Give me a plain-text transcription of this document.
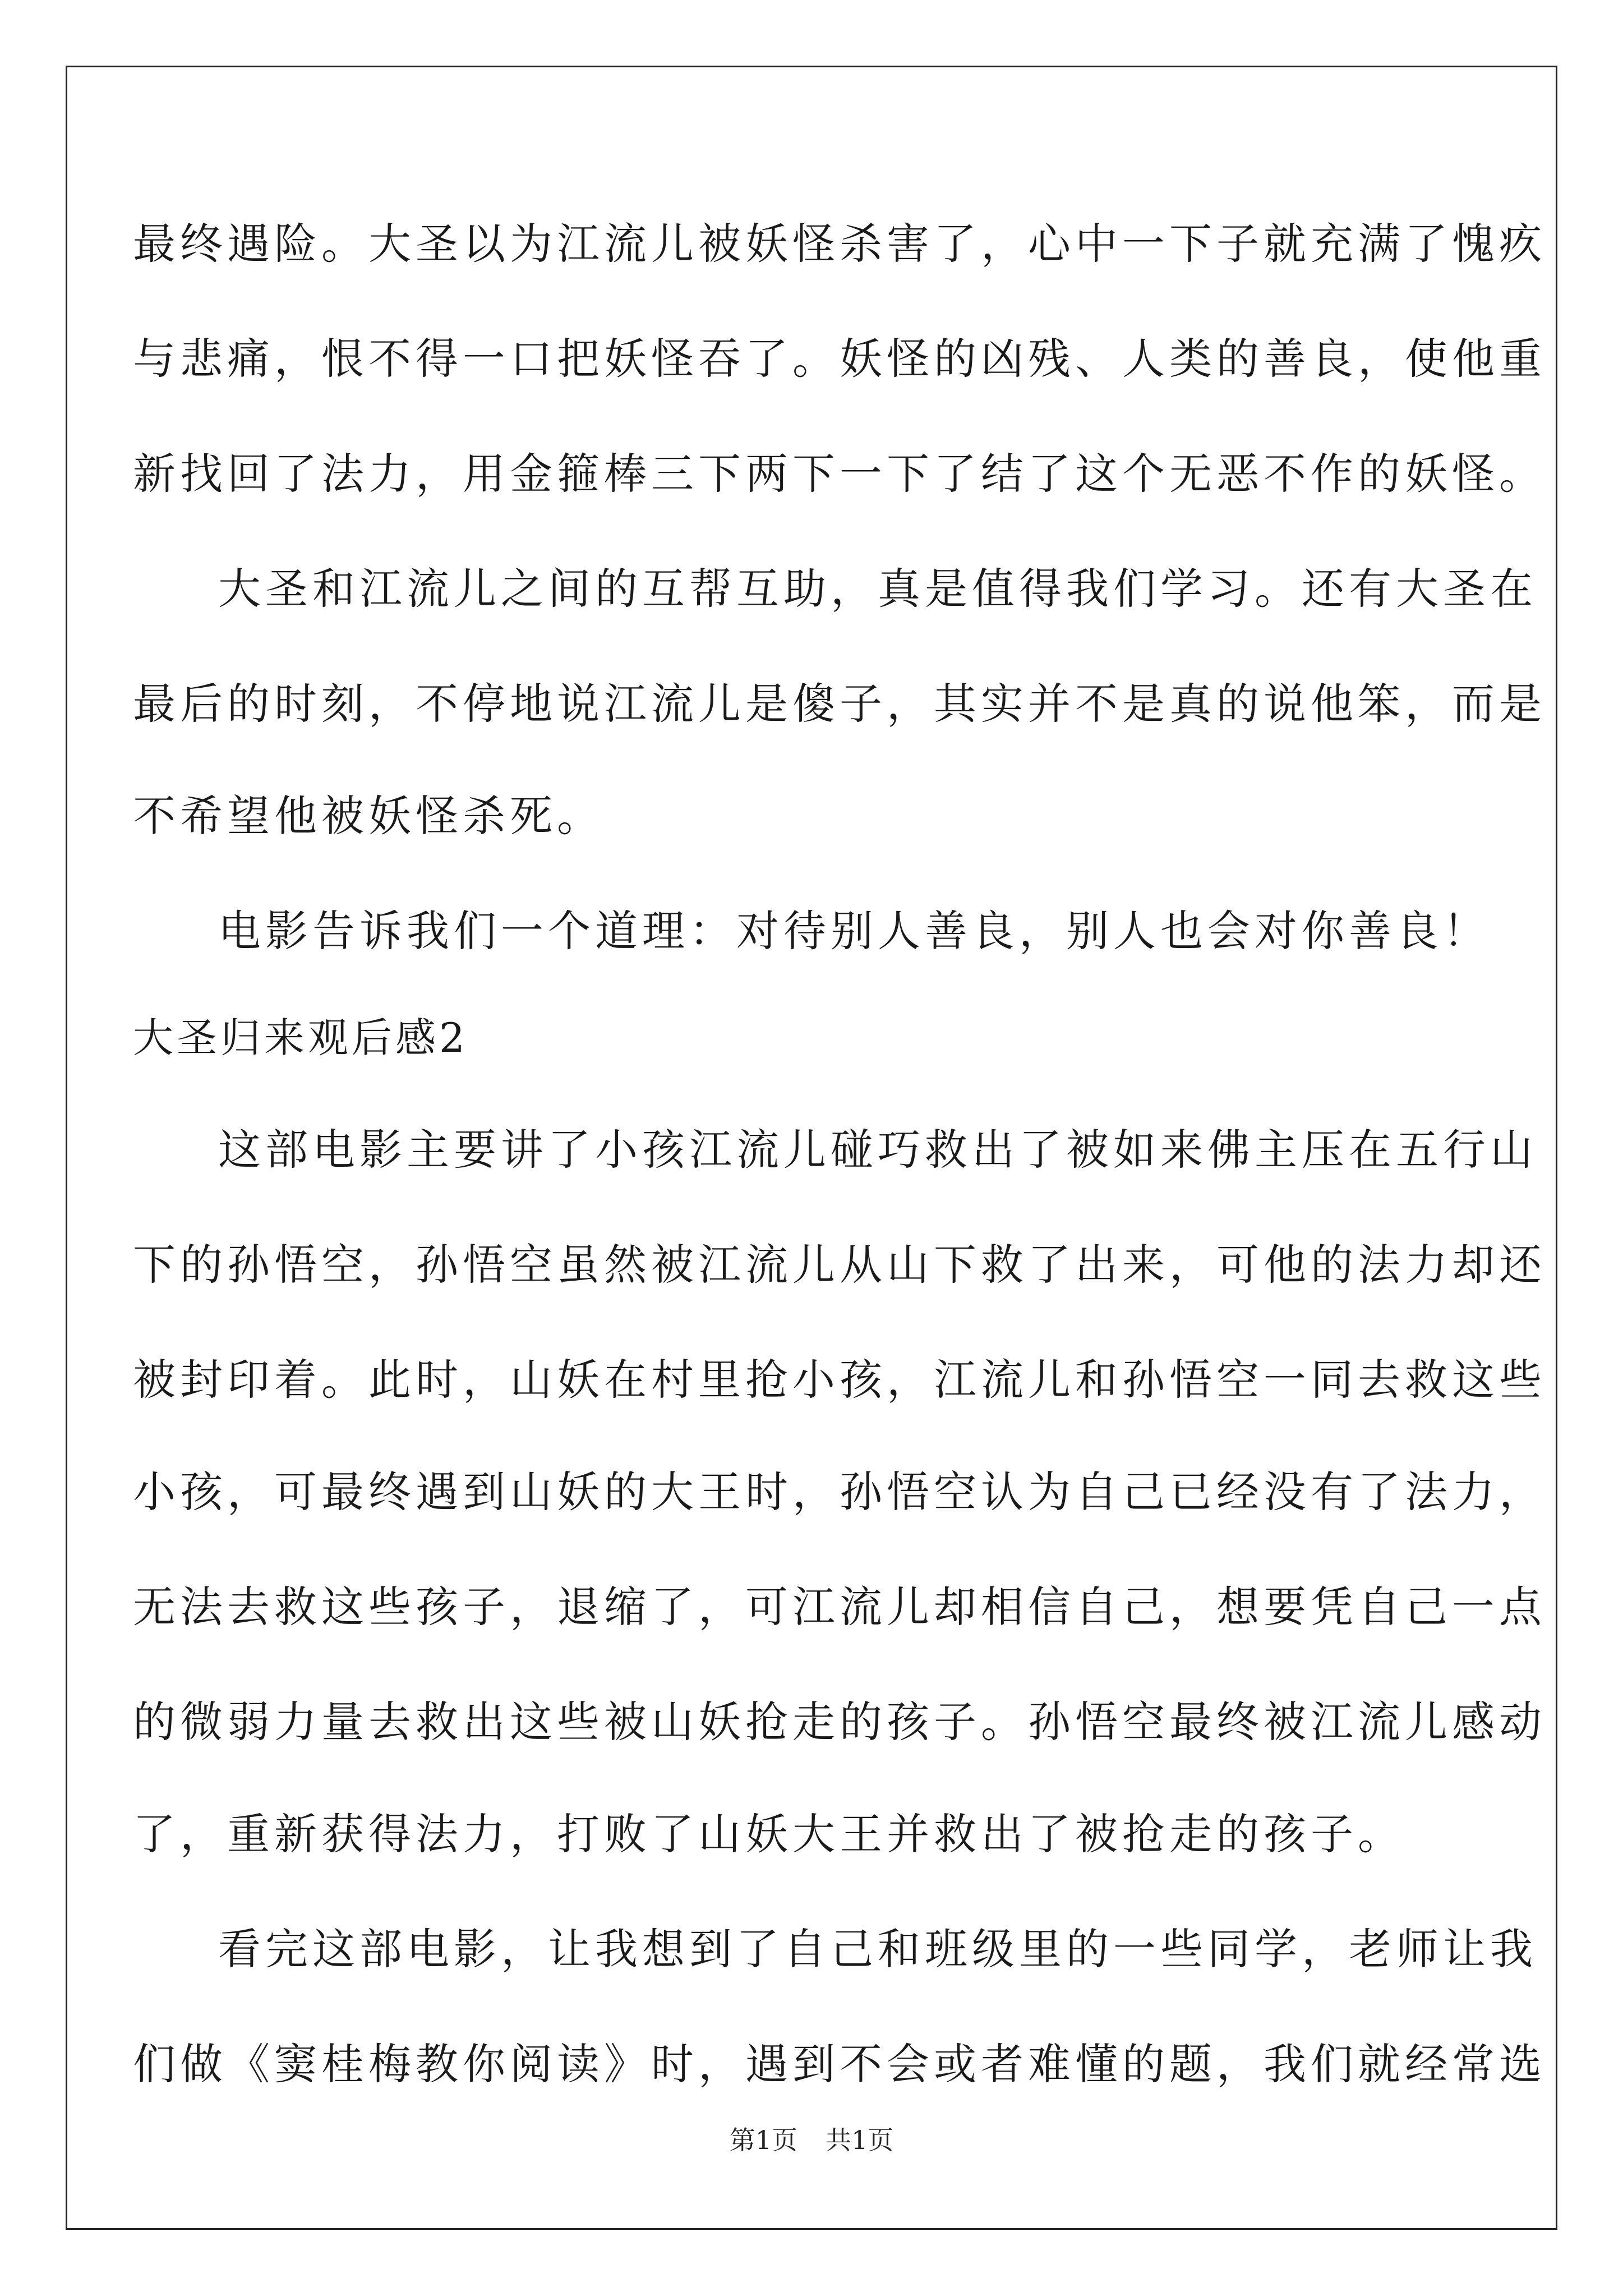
最终遇险。大圣以为江流儿被妖怪杀害了，心中一下子就充满了愧疚
与悲痛，恨不得一口把妖怪吞了。妖怪的凶残、人类的善良，使他重
新找回了法力，用金箍棒三下两下一下了结了这个无恶不作的妖怪。
大圣和江流儿之间的互帮互助，真是值得我们学习。还有大圣在
最后的时刻，不停地说江流儿是傻子，其实并不是真的说他笨，而是
不希望他被妖怪杀死。
电影告诉我们一个道理：对待别人善良，别人也会对你善良！
大圣归来观后感2
这部电影主要讲了小孩江流儿碰巧救出了被如来佛主压在五行山
下的孙悟空，孙悟空虽然被江流儿从山下救了出来，可他的法力却还
被封印着。此时，山妖在村里抢小孩，江流儿和孙悟空一同去救这些
小孩，可最终遇到山妖的大王时，孙悟空认为自己已经没有了法力，
无法去救这些孩子，退缩了，可江流儿却相信自己，想要凭自己一点
的微弱力量去救出这些被山妖抢走的孩子。孙悟空最终被江流儿感动
了，重新获得法力，打败了山妖大王并救出了被抢走的孩子。
看完这部电影，让我想到了自己和班级里的一些同学，老师让我
们做《窦桂梅教你阅读》时，遇到不会或者难懂的题，我们就经常选
第1页 共1页
